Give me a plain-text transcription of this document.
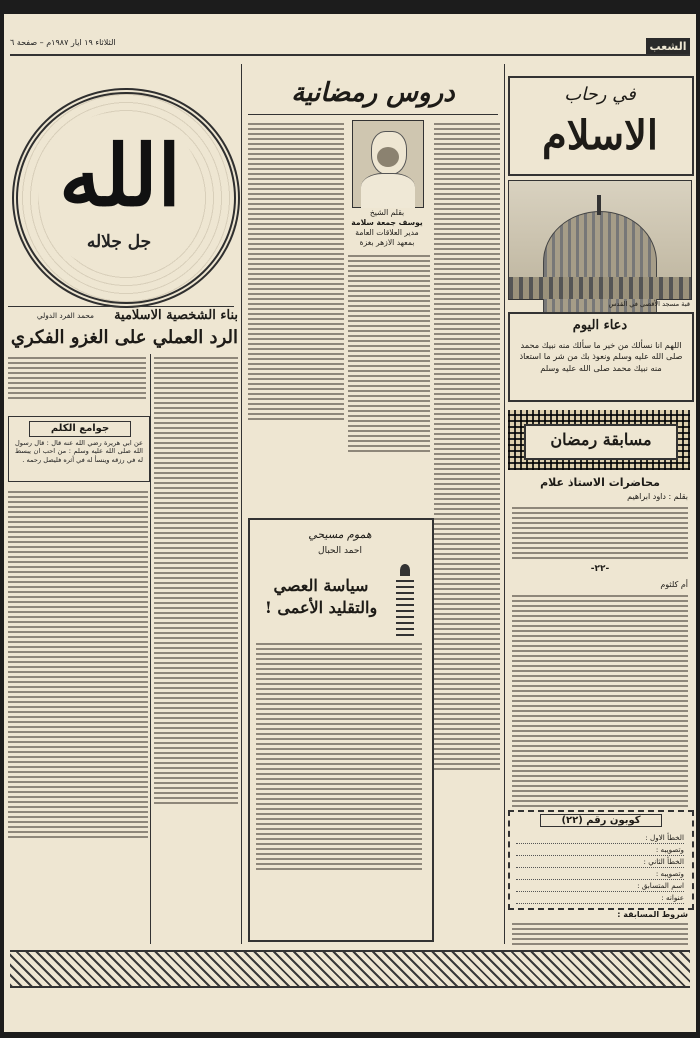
الثلاثاء ١٩ ايار ١٩٨٧م – صفحة ٦	الشعب
الله
جل جلاله
محمد الفرد الدولي	بناء الشخصية الاسلامية
الرد العملي على الغزو الفكري
جوامع الكلم
عن ابي هريرة رضي الله عنه قال : قال رسول الله صلى الله عليه وسلم : من احب ان يبسط له في رزقه وينسأ له في أثره فليصل رحمه .
دروس رمضانية
بقلم الشيخ
يوسف جمعة سلامة
مدير العلاقات العامة
بمعهد الازهر بغزة
هموم مسيحي
احمد الحبال
سياسة العصي
والتقليد الأعمى !
في رحاب
الاسلام
قبة مسجد الأقصى في القدس
دعاء اليوم
اللهم انا نسألك من خير ما سألك منه نبيك محمد صلى الله عليه وسلم ونعوذ بك من شر ما استعاذ منه نبيك محمد صلى الله عليه وسلم
مسابقة رمضان
محاضرات الاستاذ علام
بقلم : داود ابراهيم
-٢٢-
أم كلثوم
كوبون رقم (٢٢)
الخطأ الاول :
وتصويبه :
الخطأ الثاني :
وتصويبه :
اسم المتسابق :
عنوانه :
شروط المسابقة :
